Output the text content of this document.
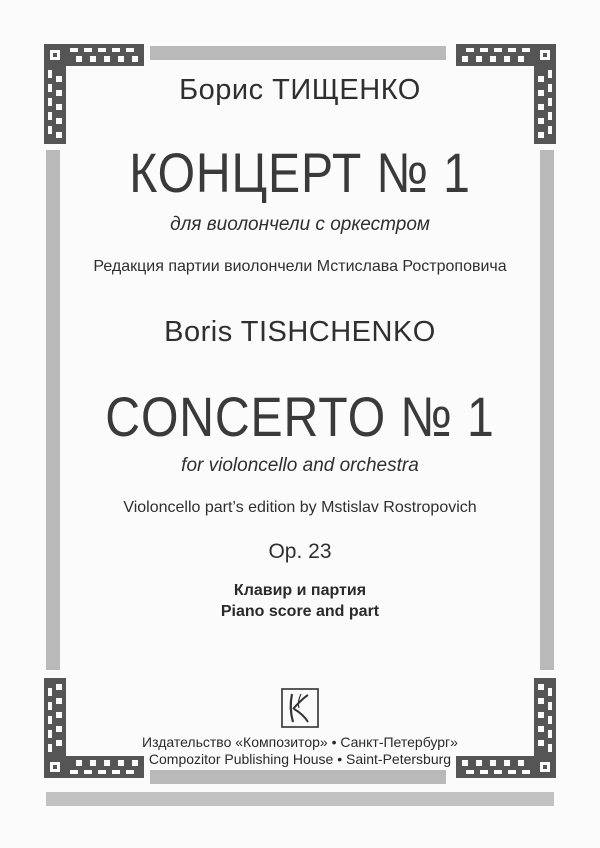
Борис ТИЩЕНКО
КОНЦЕРТ № 1
для виолончели с оркестром
Редакция партии виолончели Мстислава Ростроповича
Boris TISHCHENKO
CONCERTO № 1
for violoncello and orchestra
Violoncello part’s edition by Mstislav Rostropovich
Op. 23
Клавир и партия
Piano score and part
Издательство «Композитор» • Санкт-Петербург»
Compozitor Publishing House • Saint-Petersburg
